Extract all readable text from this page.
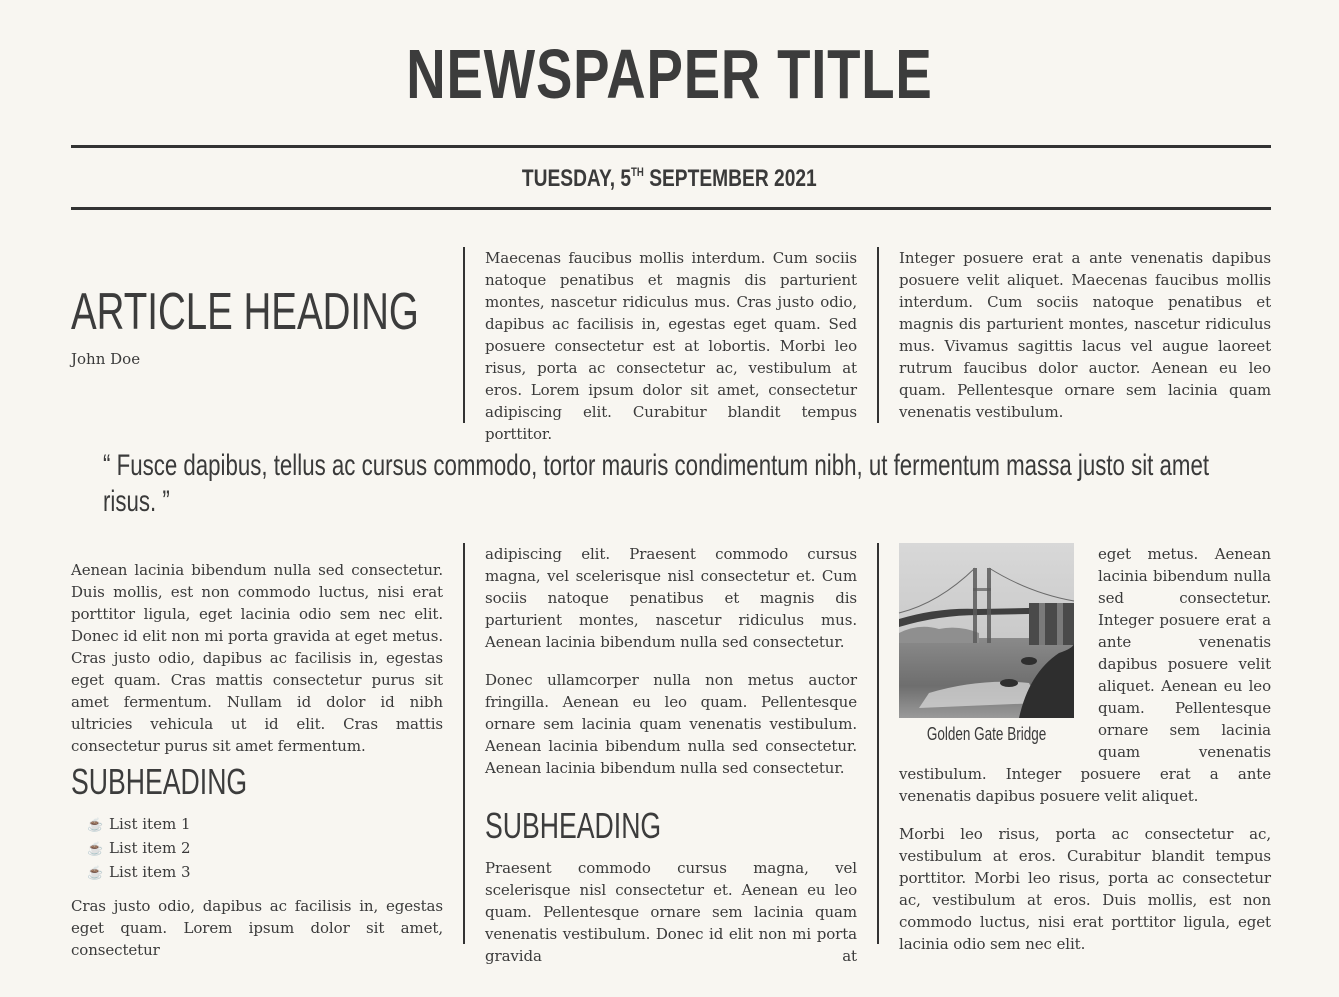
NEWSPAPER TITLE
TUESDAY, 5TH SEPTEMBER 2021
ARTICLE HEADING
John Doe

Maecenas faucibus mollis interdum. Cum sociis natoque penatibus et magnis dis parturient montes, nascetur ridiculus mus. Cras justo odio, dapibus ac facilisis in, egestas eget quam. Sed posuere consectetur est at lobortis. Morbi leo risus, porta ac consectetur ac, vestibulum at eros. Lorem ipsum dolor sit amet, consectetur adipiscing elit. Curabitur blandit tempus porttitor.

Integer posuere erat a ante venenatis dapibus posuere velit aliquet. Maecenas faucibus mollis interdum. Cum sociis natoque penatibus et magnis dis parturient montes, nascetur ridiculus mus. Vivamus sagittis lacus vel augue laoreet rutrum faucibus dolor auctor. Aenean eu leo quam. Pellentesque ornare sem lacinia quam venenatis vestibulum.

“ Fusce dapibus, tellus ac cursus commodo, tortor mauris condimentum nibh, ut fermentum massa justo sit amet risus. ”

Aenean lacinia bibendum nulla sed consectetur. Duis mollis, est non commodo luctus, nisi erat porttitor ligula, eget lacinia odio sem nec elit. Donec id elit non mi porta gravida at eget metus. Cras justo odio, dapibus ac facilisis in, egestas eget quam. Cras mattis consectetur purus sit amet fermentum. Nullam id dolor id nibh ultricies vehicula ut id elit. Cras mattis consectetur purus sit amet fermentum.

SUBHEADING
☕ List item 1
☕ List item 2
☕ List item 3

Cras justo odio, dapibus ac facilisis in, egestas eget quam. Lorem ipsum dolor sit amet, consectetur

adipiscing elit. Praesent commodo cursus magna, vel scelerisque nisl consectetur et. Cum sociis natoque penatibus et magnis dis parturient montes, nascetur ridiculus mus. Aenean lacinia bibendum nulla sed consectetur.

Donec ullamcorper nulla non metus auctor fringilla. Aenean eu leo quam. Pellentesque ornare sem lacinia quam venenatis vestibulum. Aenean lacinia bibendum nulla sed consectetur. Aenean lacinia bibendum nulla sed consectetur.

SUBHEADING

Praesent commodo cursus magna, vel scelerisque nisl consectetur et. Aenean eu leo quam. Pellentesque ornare sem lacinia quam venenatis vestibulum. Donec id elit non mi porta gravida at

Golden Gate Bridge

eget metus. Aenean lacinia bibendum nulla sed consectetur. Integer posuere erat a ante venenatis dapibus posuere velit aliquet. Aenean eu leo quam. Pellentesque ornare sem lacinia quam venenatis vestibulum. Integer posuere erat a ante venenatis dapibus posuere velit aliquet.

Morbi leo risus, porta ac consectetur ac, vestibulum at eros. Curabitur blandit tempus porttitor. Morbi leo risus, porta ac consectetur ac, vestibulum at eros. Duis mollis, est non commodo luctus, nisi erat porttitor ligula, eget lacinia odio sem nec elit.
